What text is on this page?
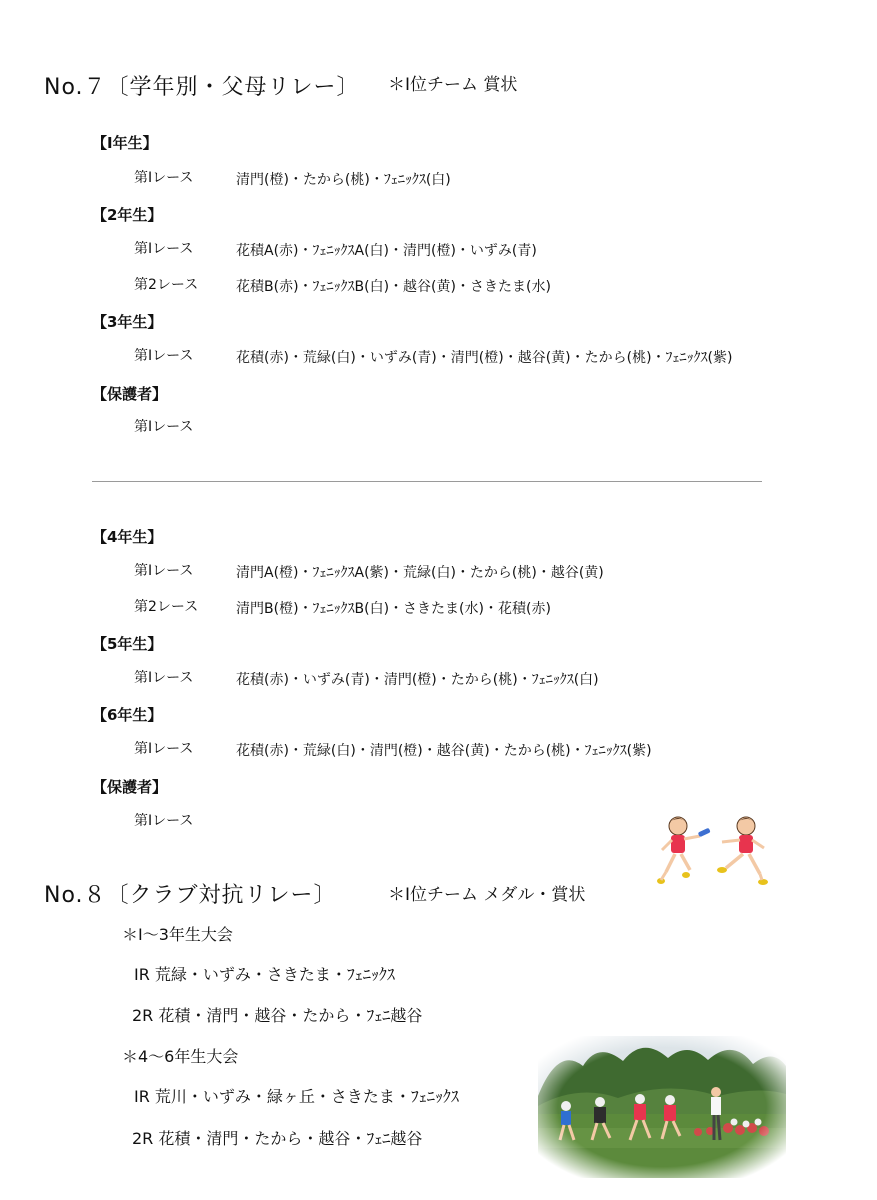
No.７〔学年別・父母リレー〕 ＊Ⅰ位チーム 賞状
【Ⅰ年生】
第Ⅰレース	清門(橙)・たから(桃)・ﾌｪﾆｯｸｽ(白)
【2年生】
第Ⅰレース	花積A(赤)・ﾌｪﾆｯｸｽA(白)・清門(橙)・いずみ(青)
第2レース	花積B(赤)・ﾌｪﾆｯｸｽB(白)・越谷(黄)・さきたま(水)
【3年生】
第Ⅰレース	花積(赤)・荒緑(白)・いずみ(青)・清門(橙)・越谷(黄)・たから(桃)・ﾌｪﾆｯｸｽ(紫)
【保護者】
第Ⅰレース
【4年生】
第Ⅰレース	清門A(橙)・ﾌｪﾆｯｸｽA(紫)・荒緑(白)・たから(桃)・越谷(黄)
第2レース	清門B(橙)・ﾌｪﾆｯｸｽB(白)・さきたま(水)・花積(赤)
【5年生】
第Ⅰレース	花積(赤)・いずみ(青)・清門(橙)・たから(桃)・ﾌｪﾆｯｸｽ(白)
【6年生】
第Ⅰレース	花積(赤)・荒緑(白)・清門(橙)・越谷(黄)・たから(桃)・ﾌｪﾆｯｸｽ(紫)
【保護者】
第Ⅰレース
No.８〔クラブ対抗リレー〕	＊Ⅰ位チーム メダル・賞状
＊Ⅰ～3年生大会
ⅠR 荒緑・いずみ・さきたま・ﾌｪﾆｯｸｽ
2R 花積・清門・越谷・たから・ﾌｪﾆ越谷
＊4～6年生大会
ⅠR 荒川・いずみ・緑ヶ丘・さきたま・ﾌｪﾆｯｸｽ
2R 花積・清門・たから・越谷・ﾌｪﾆ越谷
